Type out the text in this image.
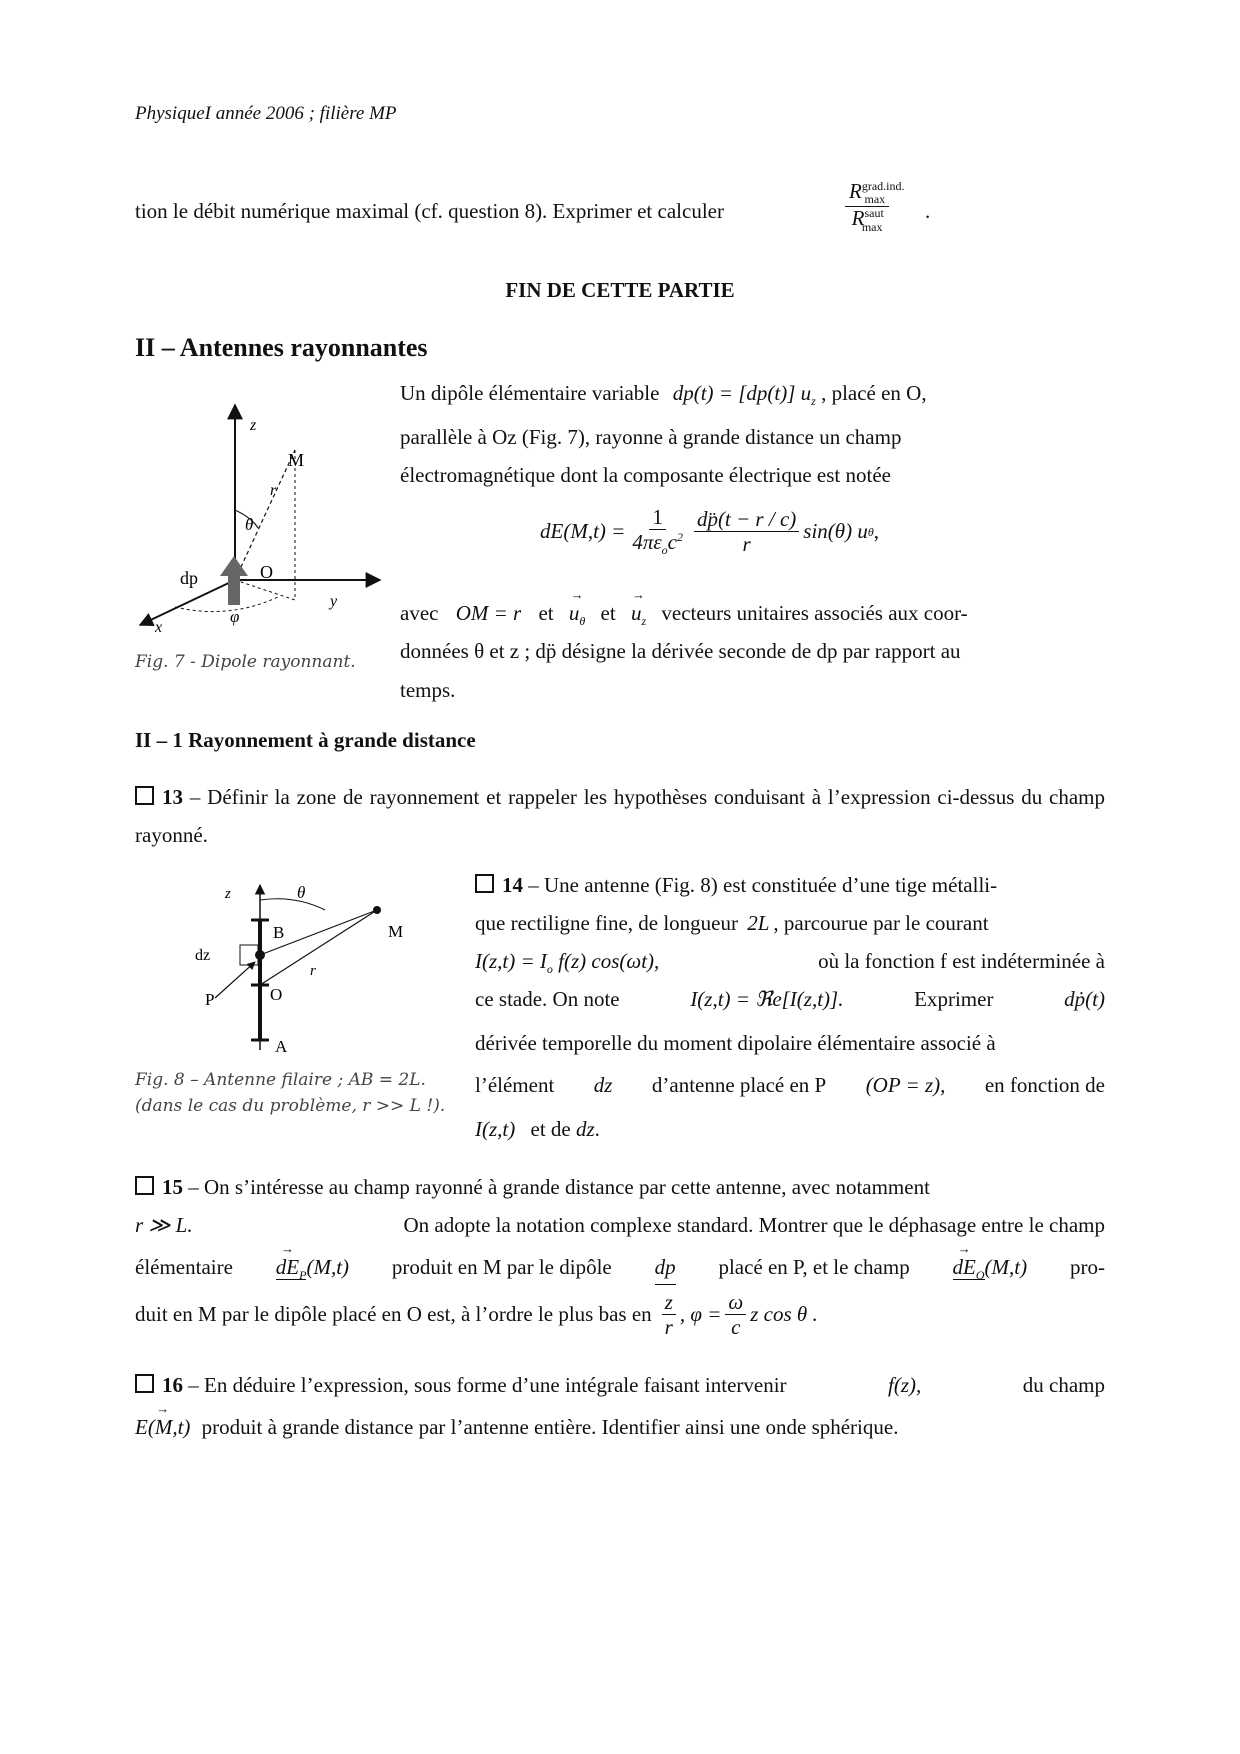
PhysiqueI année 2006 ; filière MP
tion le débit numérique maximal (cf. question 8). Exprimer et calculer
$R^{grad.ind.}_{max}$
$R^{saut}_{max}$
.
FIN DE CETTE PARTIE
II – Antennes rayonnantes
z
M
r
θ
O
dp
y
x
φ
Fig. 7 - Dipole rayonnant.
Un dipôle élémentaire variable dp(t) = [dp(t)] $u_z$ , placé en O,
parallèle à Oz (Fig. 7), rayonne à grande distance un champ
électromagnétique dont la composante électrique est notée
$dE(M,t) = \frac{1}{4\pi\varepsilon_oc^2} \frac{dp̈(t - r / c)}{r} \sin(\theta)$ u θ ,
avec OM = r et → $u_\theta$ et → $u_z$ vecteurs unitaires associés aux coor-
données θ et z ; dp̈ désigne la dérivée seconde de dp par rapport au
temps.
II – 1 Rayonnement à grande distance
13 – Définir la zone de rayonnement et rappeler les hypothèses conduisant à l’expression ci-dessus du champ rayonné.
z	θ
B	M
dz
r
P	O
A
Fig. 8 – Antenne filaire ; AB = 2L.
(dans le cas du problème, r >> L !).
14 – Une antenne (Fig. 8) est constituée d’une tige métalli-
que rectiligne fine, de longueur 2L , parcourue par le courant
$I(z,t) = I_o$ f(z) cos(ωt),	où la fonction f est indéterminée à
ce stade. On note	I(z,t) = ℜe[I(z,t)].	Exprimer	dṗ(t)
dérivée temporelle du moment dipolaire élémentaire associé à
l’élément dz d’antenne placé en P (OP = z), en fonction de
I(z,t) et de dz.
15 – On s’intéresse au champ rayonné à grande distance par cette antenne, avec notamment
r ≫ L.	On adopte la notation complexe standard. Montrer que le déphasage entre le champ
élémentaire → $dE_P(M,t)$ produit en M par le dipôle dp placé en P, et le champ → $dE_O(M,t)$ pro-
duit en M par le dipôle placé en O est, à l’ordre le plus bas en $\frac{z}{r}$ , $\varphi = \frac{\omega}{c}$ z cos θ .
16 – En déduire l’expression, sous forme d’une intégrale faisant intervenir	f(z),	du champ
→ E(M,t) produit à grande distance par l’antenne entière. Identifier ainsi une onde sphérique.
